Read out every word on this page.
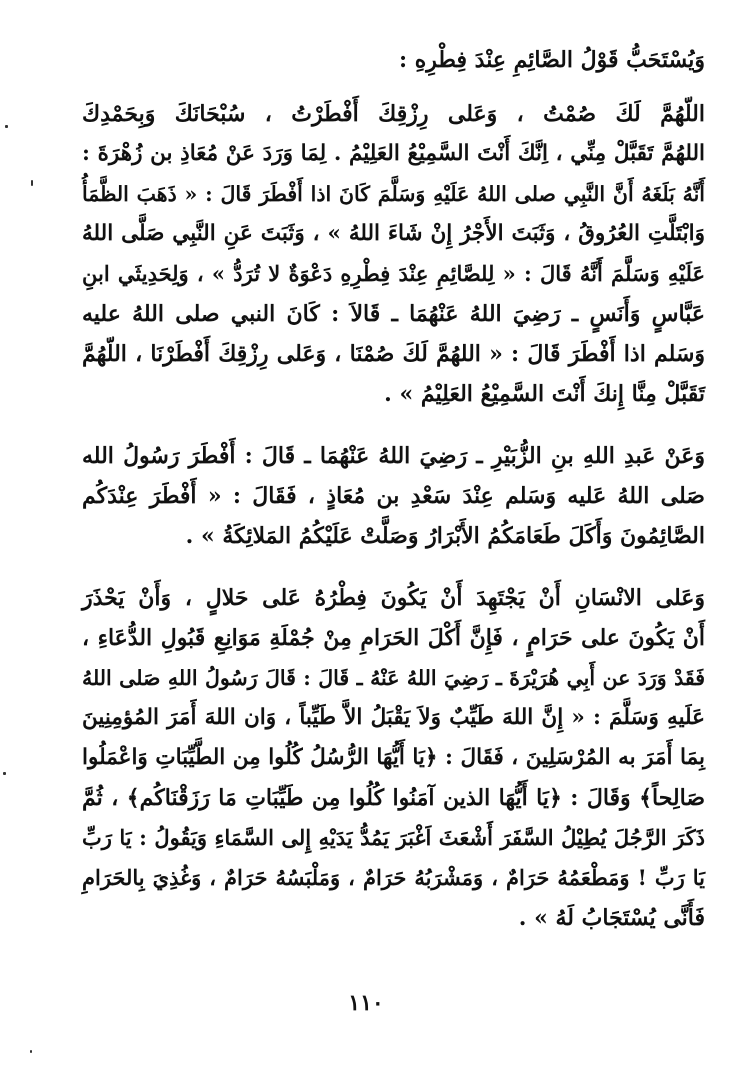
وَيُسْتَحَبُّ قَوْلُ الصَّائِمِ عِنْدَ فِطْرِهِ :
اللّهُمَّ لَكَ صُمْتُ ، وَعَلى رِزْقِكَ أَفْطَرْتُ ، سُبْحَانَكَ وَبِحَمْدِكَ
اللهُمَّ تَقَبَّلْ مِنِّي ، اِنَّكَ أَنْتَ السَّمِيْعُ العَلِيْمُ . لِمَا وَرَدَ عَنْ مُعَاذِ بن زُهْرَةَ :
أَنَّهُ بَلَغَهُ أَنَّ النَّبِي صلى اللهُ عَلَيْهِ وَسَلَّمَ كَانَ اذا أَفْطَرَ قَالَ : « ذَهَبَ الظَّمَأُ
وَابْتَلَّتِ العُرُوقُ ، وَثَبَتَ الأَجْرُ إِنْ شَاءَ اللهُ » ، وَثَبَتَ عَنِ النَّبِي صَلَّى اللهُ
عَلَيْهِ وَسَلَّمَ أَنَّهُ قَالَ : « لِلصَّائِمِ عِنْدَ فِطْرِهِ دَعْوَةٌ لا تُرَدُّ » ، وَلِحَدِيثَي ابنِ
عَبَّاسٍ وَأَنَسٍ ـ رَضِيَ اللهُ عَنْهُمَا ـ قَالاَ : كَانَ النبي صلى اللهُ عليه
وَسَلم اذا أَفْطَرَ قَالَ : « اللهُمَّ لَكَ صُمْنَا ، وَعَلى رِزْقِكَ أَفْطَرْنَا ، اللّهُمَّ
تَقَبَّلْ مِنَّا إِنكَ أَنْتَ السَّمِيْعُ العَلِيْمُ » .
وَعَنْ عَبدِ اللهِ بنِ الزُّبَيْرِ ـ رَضِيَ اللهُ عَنْهُمَا ـ قَالَ : أَفْطَرَ رَسُولُ الله
صَلى اللهُ عَليه وَسَلم عِنْدَ سَعْدِ بن مُعَاذٍ ، فَقَالَ : « أَفْطَرَ عِنْدَكُم
الصَّائِمُونَ وَأَكَلَ طَعَامَكُمُ الأَبْرَارُ وَصَلَّتْ عَلَيْكُمُ المَلائِكَةُ » .
وَعَلى الانْسَانِ أَنْ يَجْتَهِدَ أَنْ يَكُونَ فِطْرُهُ عَلى حَلالٍ ، وَأَنْ يَحْذَرَ
أَنْ يَكُونَ على حَرَامٍ ، فَإِنَّ أَكْلَ الحَرَامِ مِنْ جُمْلَةِ مَوَانِعِ قَبُولِ الدُّعَاءِ ،
فَقَدْ وَرَدَ عن أَبِي هُرَيْرَةَ ـ رَضِيَ اللهُ عَنْهُ ـ قَالَ : قَالَ رَسُولُ اللهِ صَلى اللهُ
عَلَيهِ وَسَلَّمَ : « إِنَّ اللهَ طَيِّبٌ وَلاَ يَقْبَلُ الاَّ طَيِّباً ، وَان اللهَ أَمَرَ المُؤمِنِينَ
بِمَا أَمَرَ به المُرْسَلِينَ ، فَقَالَ : ﴿يَا أَيُّهَا الرُّسُلُ كُلُوا مِن الطَّيِّبَاتِ وَاعْمَلُوا
صَالِحاً﴾ وَقَالَ : ﴿يَا أَيُّهَا الذين آمَنُوا كُلُوا مِن طَيِّبَاتِ مَا رَزَقْنَاكُم﴾ ، ثُمَّ
ذَكَرَ الرَّجُلَ يُطِيْلُ السَّفَرَ أَشْعَثَ اَغْبَرَ يَمُدُّ يَدَيْهِ إِلى السَّمَاءِ وَيَقُولُ : يَا رَبِّ
يَا رَبِّ ! وَمَطْعَمُهُ حَرَامٌ ، وَمَشْرَبُهُ حَرَامٌ ، وَمَلْبَسُهُ حَرَامٌ ، وَغُذِيَ بِالحَرَامِ
فَأَنَّى يُسْتَجَابُ لَهُ » .
١١٠
